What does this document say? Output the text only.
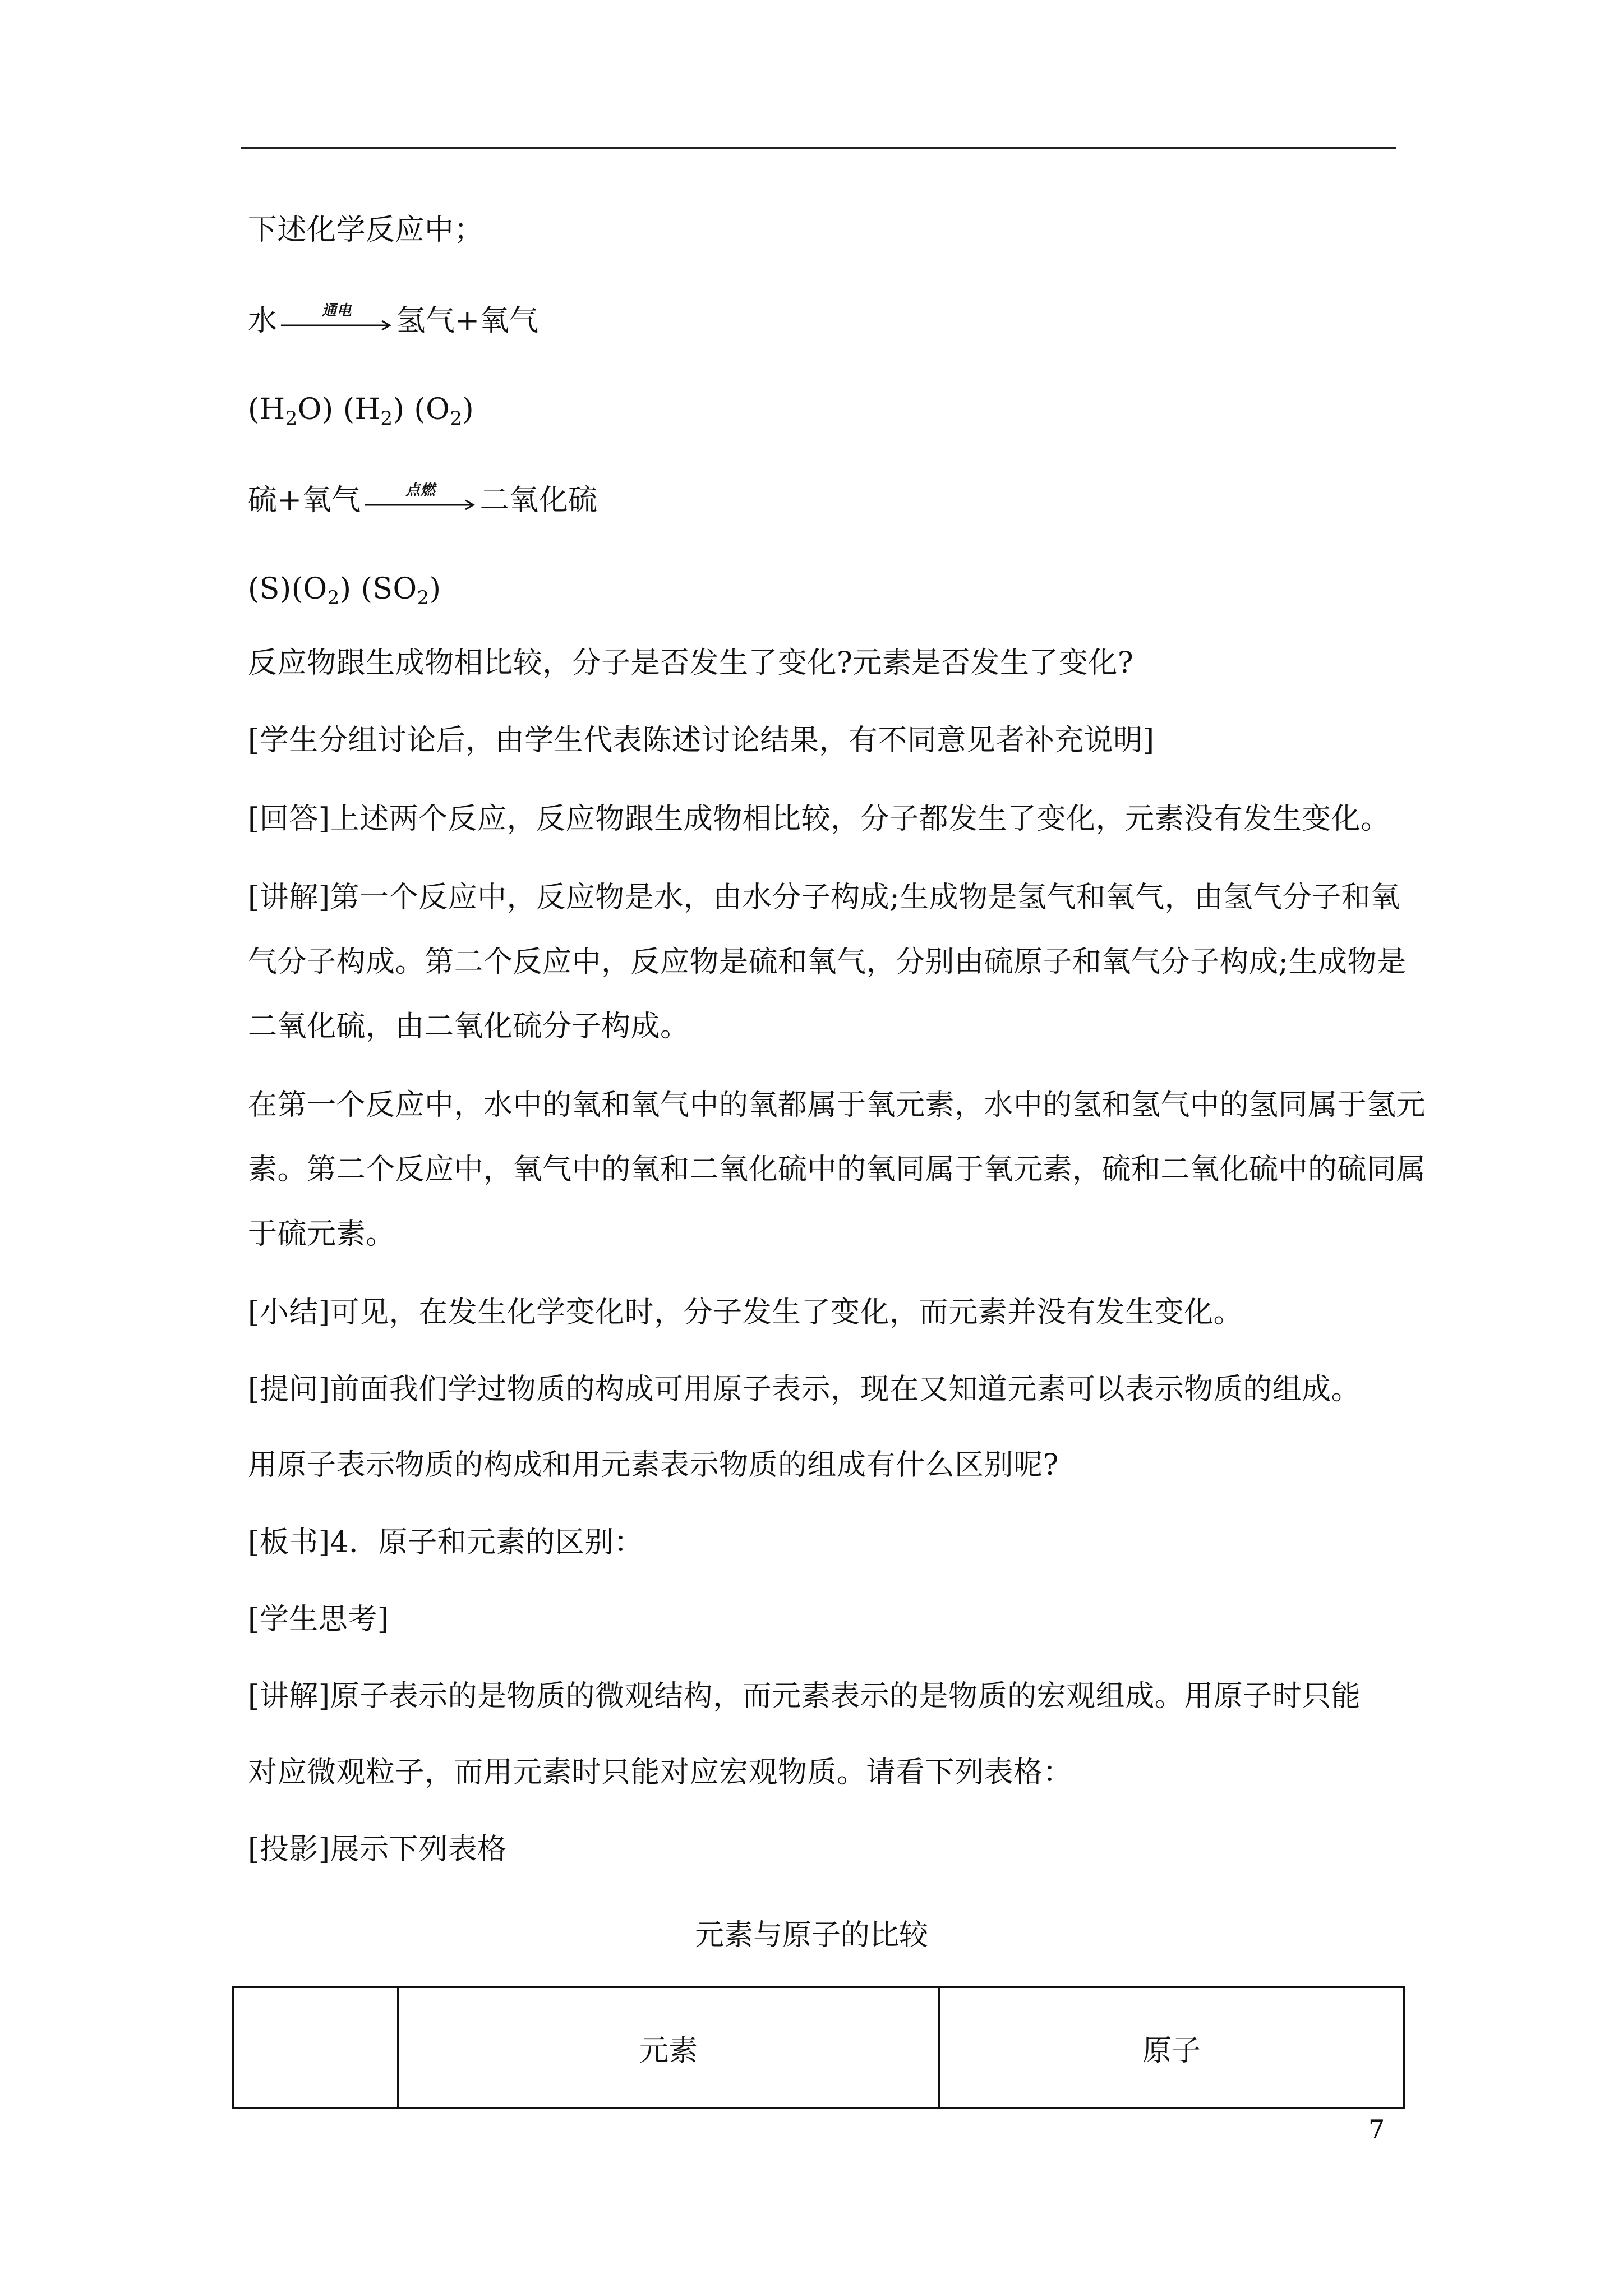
下述化学反应中；
水	通电	氢气+氧气
$(H_2O)$ $(H_2)$ $(O_2)$
硫+氧气	点燃	二氧化硫
$(S)(O_2)$ $(SO_2)$
反应物跟生成物相比较，分子是否发生了变化?元素是否发生了变化?
[学生分组讨论后，由学生代表陈述讨论结果，有不同意见者补充说明]
[回答]上述两个反应，反应物跟生成物相比较，分子都发生了变化，元素没有发生变化。
[讲解]第一个反应中，反应物是水，由水分子构成;生成物是氢气和氧气，由氢气分子和氧
气分子构成。第二个反应中，反应物是硫和氧气，分别由硫原子和氧气分子构成;生成物是
二氧化硫，由二氧化硫分子构成。
在第一个反应中，水中的氧和氧气中的氧都属于氧元素，水中的氢和氢气中的氢同属于氢元
素。第二个反应中，氧气中的氧和二氧化硫中的氧同属于氧元素，硫和二氧化硫中的硫同属
于硫元素。
[小结]可见，在发生化学变化时，分子发生了变化，而元素并没有发生变化。
[提问]前面我们学过物质的构成可用原子表示，现在又知道元素可以表示物质的组成。
用原子表示物质的构成和用元素表示物质的组成有什么区别呢?
[板书]4．原子和元素的区别：
[学生思考]
[讲解]原子表示的是物质的微观结构，而元素表示的是物质的宏观组成。用原子时只能
对应微观粒子，而用元素时只能对应宏观物质。请看下列表格：
[投影]展示下列表格
元素与原子的比较
	元素	原子
7
